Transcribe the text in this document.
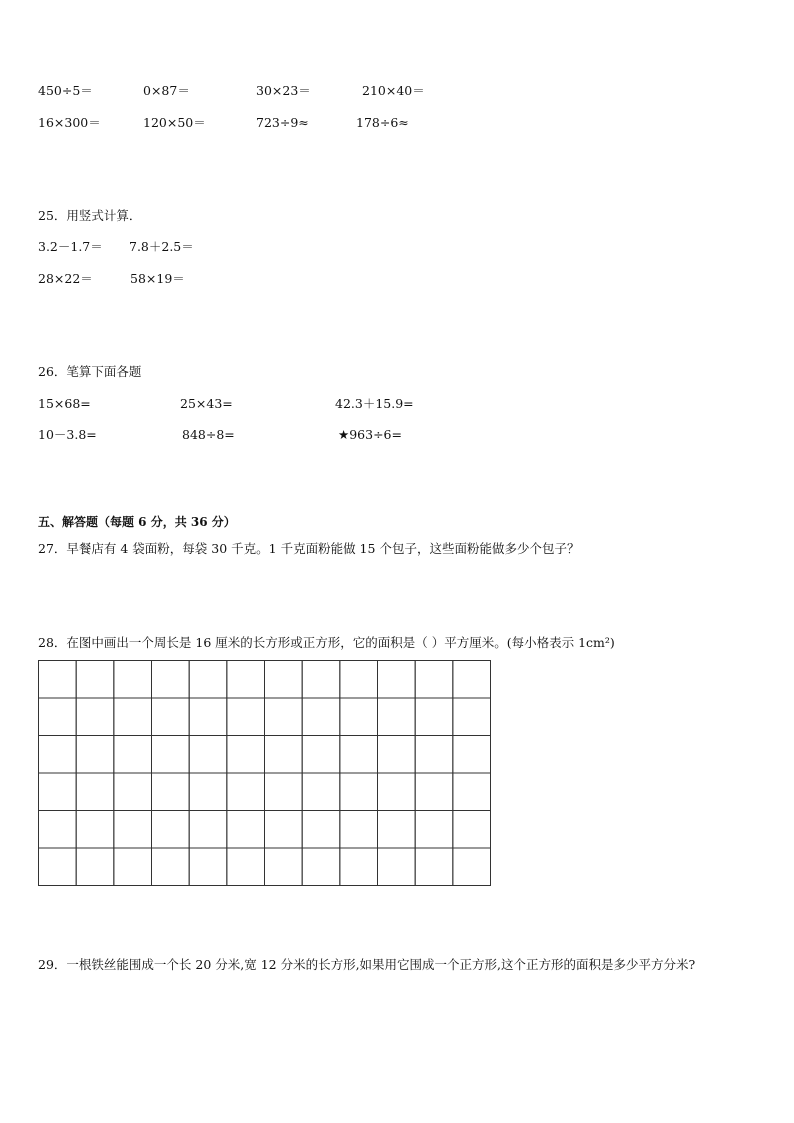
450÷5＝	0×87＝	30×23＝	210×40＝
16×300＝	120×50＝	723÷9≈	178÷6≈
25．用竖式计算．
3.2－1.7＝ 7.8＋2.5＝
28×22＝	58×19＝
26．笔算下面各题
15×68=	25×43=	42.3＋15.9=
10－3.8=	848÷8=	★963÷6=
五、解答题（每题 6 分，共 36 分）
27．早餐店有 4 袋面粉，每袋 30 千克。1 千克面粉能做 15 个包子，这些面粉能做多少个包子？
28．在图中画出一个周长是 16 厘米的长方形或正方形，它的面积是（ ）平方厘米。(每小格表示 1cm²)
29．一根铁丝能围成一个长 20 分米,宽 12 分米的长方形,如果用它围成一个正方形,这个正方形的面积是多少平方分米?
